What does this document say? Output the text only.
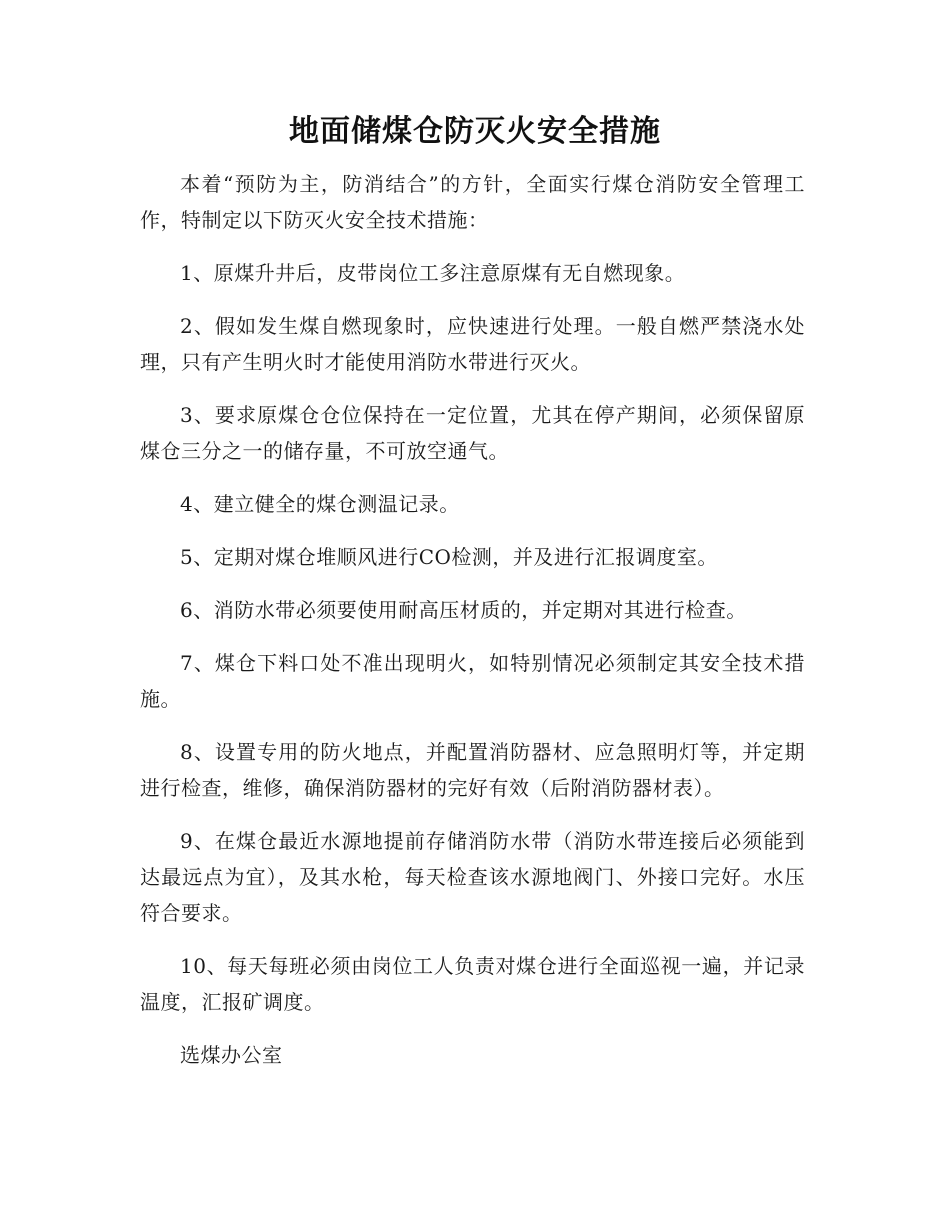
地面储煤仓防灭火安全措施

本着“预防为主，防消结合”的方针，全面实行煤仓消防安全管理工作，特制定以下防灭火安全技术措施：

1、原煤升井后，皮带岗位工多注意原煤有无自燃现象。

2、假如发生煤自燃现象时，应快速进行处理。一般自燃严禁浇水处理，只有产生明火时才能使用消防水带进行灭火。

3、要求原煤仓仓位保持在一定位置，尤其在停产期间，必须保留原煤仓三分之一的储存量，不可放空通气。

4、建立健全的煤仓测温记录。

5、定期对煤仓堆顺风进行CO检测，并及进行汇报调度室。

6、消防水带必须要使用耐高压材质的，并定期对其进行检查。

7、煤仓下料口处不准出现明火，如特别情况必须制定其安全技术措施。

8、设置专用的防火地点，并配置消防器材、应急照明灯等，并定期进行检查，维修，确保消防器材的完好有效（后附消防器材表）。

9、在煤仓最近水源地提前存储消防水带（消防水带连接后必须能到达最远点为宜），及其水枪，每天检查该水源地阀门、外接口完好。水压符合要求。

10、每天每班必须由岗位工人负责对煤仓进行全面巡视一遍，并记录温度，汇报矿调度。

选煤办公室
